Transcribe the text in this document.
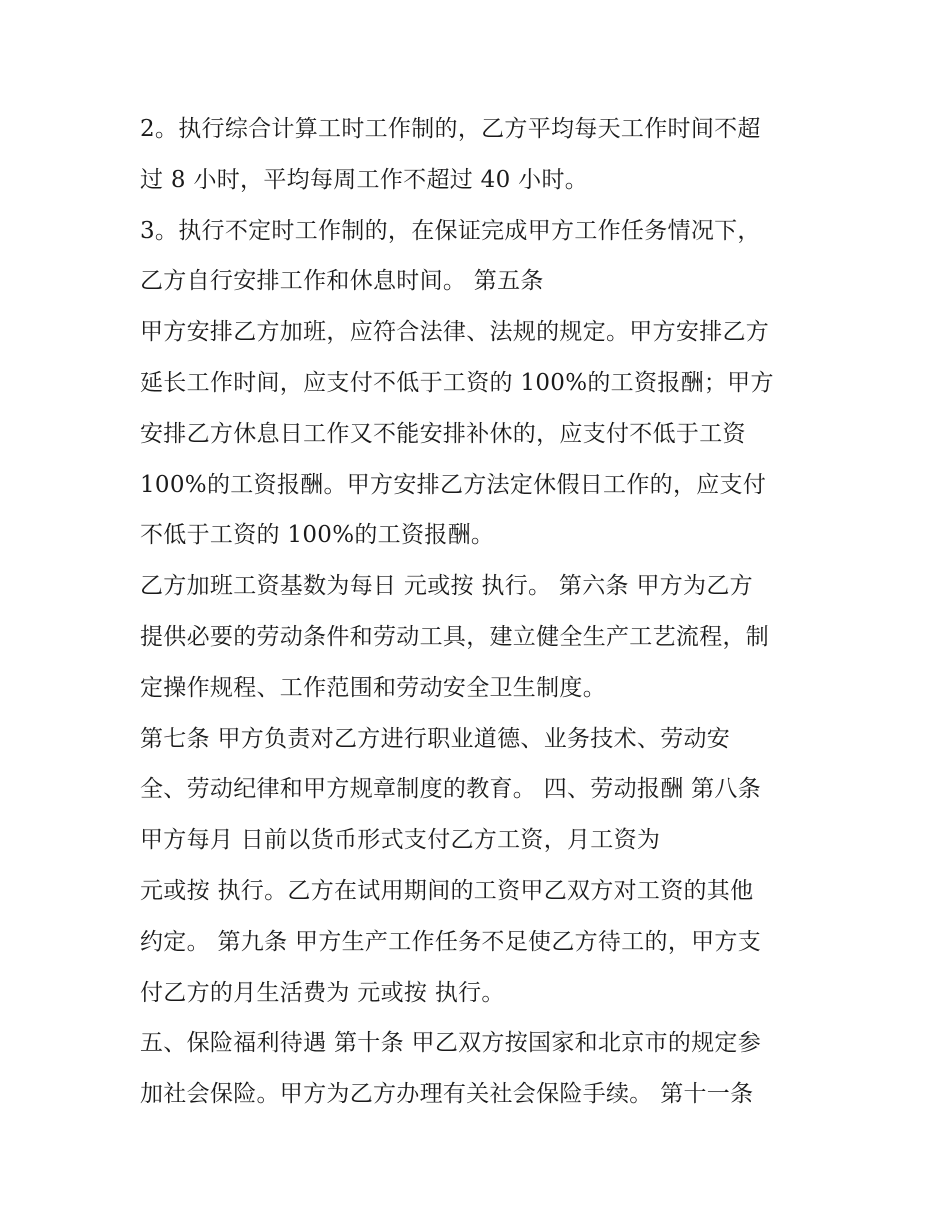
2。执行综合计算工时工作制的，乙方平均每天工作时间不超
过 8 小时，平均每周工作不超过 40 小时。
3。执行不定时工作制的，在保证完成甲方工作任务情况下，
乙方自行安排工作和休息时间。 第五条
甲方安排乙方加班，应符合法律、法规的规定。甲方安排乙方
延长工作时间，应支付不低于工资的 100%的工资报酬；甲方
安排乙方休息日工作又不能安排补休的，应支付不低于工资
100%的工资报酬。甲方安排乙方法定休假日工作的，应支付
不低于工资的 100%的工资报酬。
乙方加班工资基数为每日 元或按 执行。 第六条 甲方为乙方
提供必要的劳动条件和劳动工具，建立健全生产工艺流程，制
定操作规程、工作范围和劳动安全卫生制度。
第七条 甲方负责对乙方进行职业道德、业务技术、劳动安
全、劳动纪律和甲方规章制度的教育。 四、劳动报酬 第八条
甲方每月 日前以货币形式支付乙方工资，月工资为
元或按 执行。乙方在试用期间的工资甲乙双方对工资的其他
约定。 第九条 甲方生产工作任务不足使乙方待工的，甲方支
付乙方的月生活费为 元或按 执行。
五、保险福利待遇 第十条 甲乙双方按国家和北京市的规定参
加社会保险。甲方为乙方办理有关社会保险手续。 第十一条
